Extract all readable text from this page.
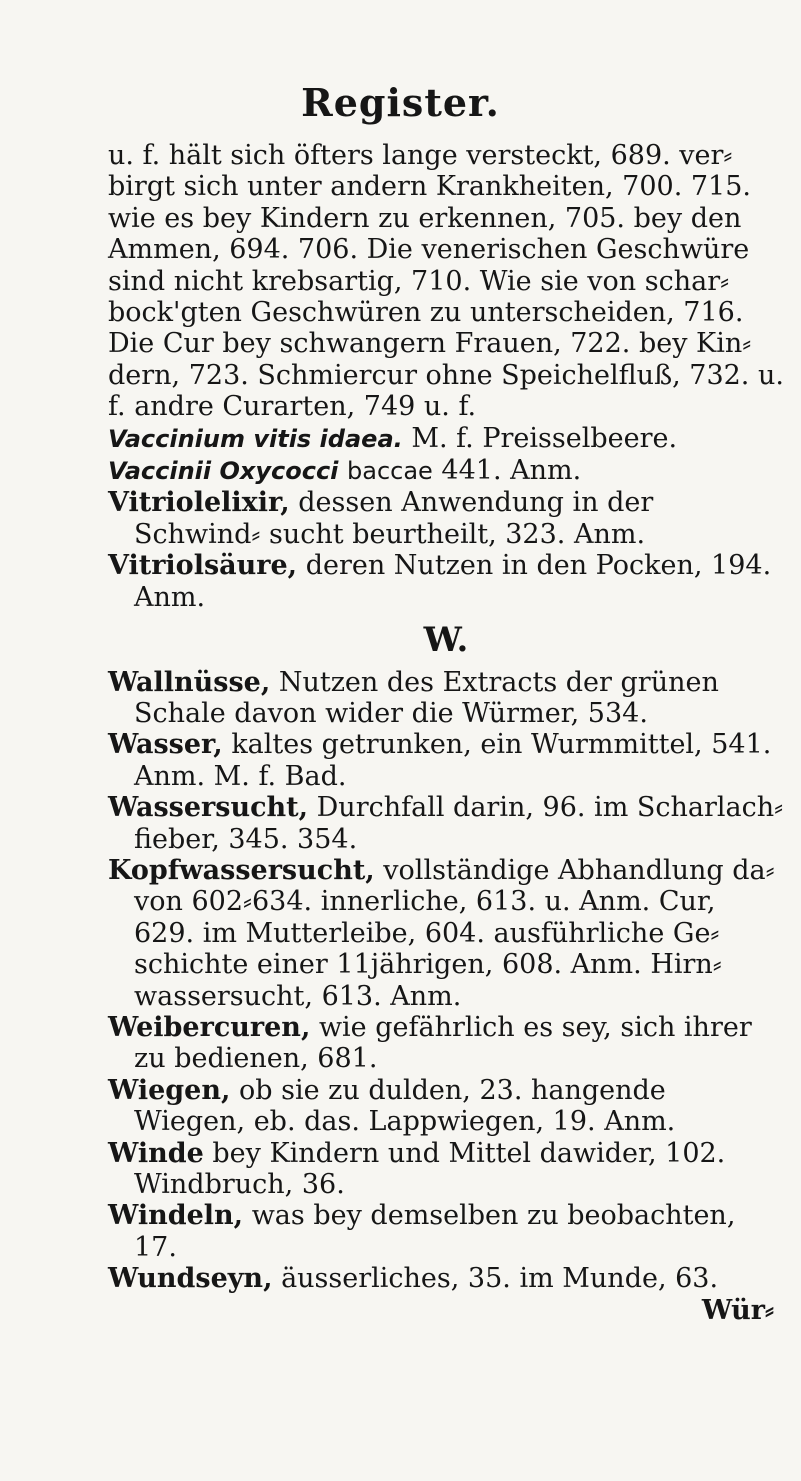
Register.

u. f. hält sich öfters lange versteckt, 689. ver⸗ birgt sich unter andern Krankheiten, 700. 715. wie es bey Kindern zu erkennen, 705. bey den Ammen, 694. 706. Die venerischen Geschwüre sind nicht krebsartig, 710. Wie sie von schar⸗ bock'gten Geschwüren zu unterscheiden, 716. Die Cur bey schwangern Frauen, 722. bey Kin⸗ dern, 723. Schmiercur ohne Speichelfluß, 732. u. f. andre Curarten, 749 u. f.

Vaccinium vitis idaea. M. f. Preisselbeere.

Vaccinii Oxycocci baccae 441. Anm.

Vitriolelixir, dessen Anwendung in der Schwind⸗ sucht beurtheilt, 323. Anm.

Vitriolsäure, deren Nutzen in den Pocken, 194. Anm.

W.

Wallnüsse, Nutzen des Extracts der grünen Schale davon wider die Würmer, 534.

Wasser, kaltes getrunken, ein Wurmmittel, 541. Anm. M. f. Bad.

Wassersucht, Durchfall darin, 96. im Scharlach⸗ fieber, 345. 354.

Kopfwassersucht, vollständige Abhandlung da⸗ von 602⸗634. innerliche, 613. u. Anm. Cur, 629. im Mutterleibe, 604. ausführliche Ge⸗ schichte einer 11jährigen, 608. Anm. Hirn⸗ wassersucht, 613. Anm.

Weibercuren, wie gefährlich es sey, sich ihrer zu bedienen, 681.

Wiegen, ob sie zu dulden, 23. hangende Wiegen, eb. das. Lappwiegen, 19. Anm.

Winde bey Kindern und Mittel dawider, 102. Windbruch, 36.

Windeln, was bey demselben zu beobachten, 17.

Wundseyn, äusserliches, 35. im Munde, 63.

Wür⸗
